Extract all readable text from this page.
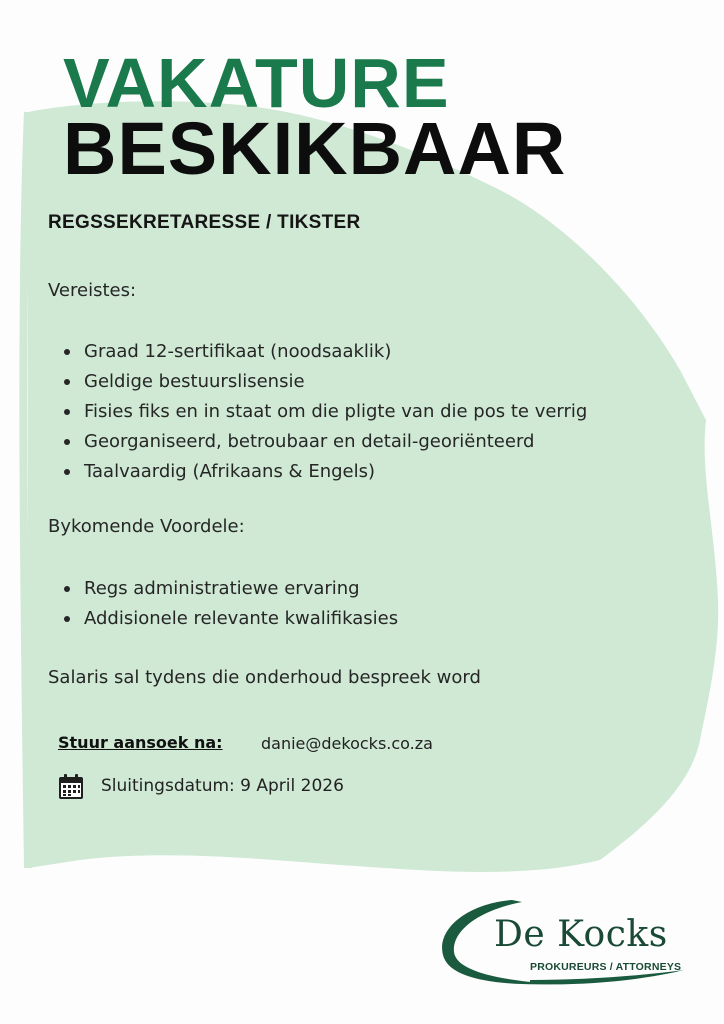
VAKATURE
BESKIKBAAR
REGSSEKRETARESSE / TIKSTER

Vereistes:

Graad 12-sertifikaat (noodsaaklik)
Geldige bestuurslisensie
Fisies fiks en in staat om die pligte van die pos te verrig
Georganiseerd, betroubaar en detail-georiënteerd
Taalvaardig (Afrikaans & Engels)

Bykomende Voordele:

Regs administratiewe ervaring
Addisionele relevante kwalifikasies

Salaris sal tydens die onderhoud bespreek word

Stuur aansoek na: danie@dekocks.co.za
Sluitingsdatum: 9 April 2026

De Kocks

PROKUREURS / ATTORNEYS
